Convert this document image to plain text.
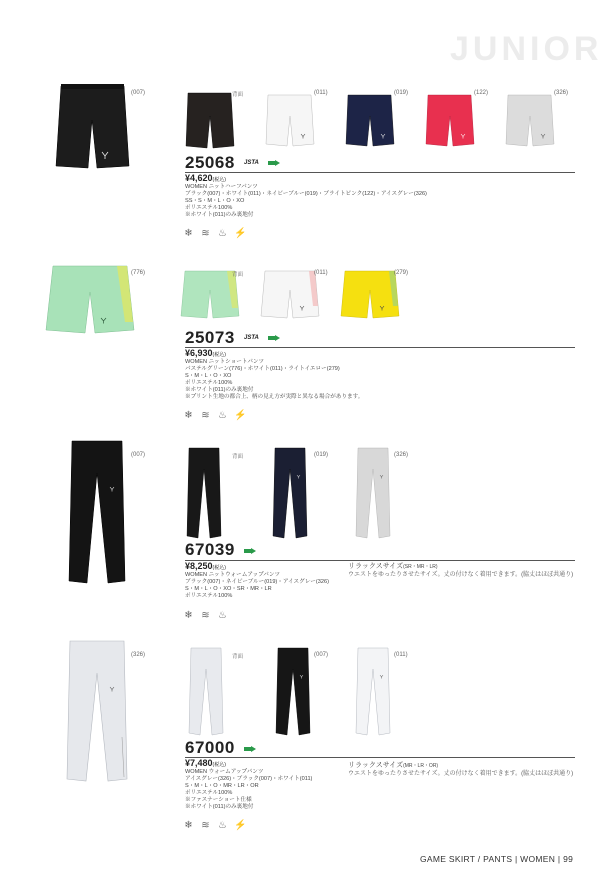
JUNIOR
(007)	背面	(011)	(019)	(122)	(326)
25068 JSTA
¥4,620(税込)
WOMEN ニットハーフパンツ
ブラック(007)・ホワイト(011)・ネイビーブルー(019)・ブライトピンク(122)・アイスグレー(326)
SS・S・M・L・O・XO
ポリエステル100%
※ホワイト(011)のみ裏地付
❄ ≋ ♨ ⚡
(776)	背面	(011)	(279)
25073 JSTA
¥6,930(税込)
WOMEN ニットショートパンツ
パステルグリーン(776)・ホワイト(011)・ライトイエロー(279)
S・M・L・O・XO
ポリエステル100%
※ホワイト(011)のみ裏地付
※プリント生地の都合上、柄の見え方が実際と異なる場合があります。
❄ ≋ ♨ ⚡
(007)	背面	(019)	(326)
67039
¥8,250(税込)
WOMEN ニットウォームアップパンツ
ブラック(007)・ネイビーブルー(019)・アイスグレー(326)
S・M・L・O・XO・SR・MR・LR
ポリエステル100%
リラックスサイズ(SR・MR・LR)
ウエストをゆったりさせたサイズ。丈の付けなく着用できます。(脇丈はほぼ共通り)
❄ ≋ ♨
(326)	背面	(007)	(011)
67000
¥7,480(税込)
WOMEN ウォームアップパンツ
アイスグレー(326)・ブラック(007)・ホワイト(011)
S・M・L・O・MR・LR・OR
ポリエステル100%
※ファスナーショート仕様
※ホワイト(011)のみ裏地付
リラックスサイズ(MR・LR・OR)
ウエストをゆったりさせたサイズ。丈の付けなく着用できます。(脇丈はほぼ共通り)
❄ ≋ ♨ ⚡
GAME SKIRT / PANTS | WOMEN | 99
